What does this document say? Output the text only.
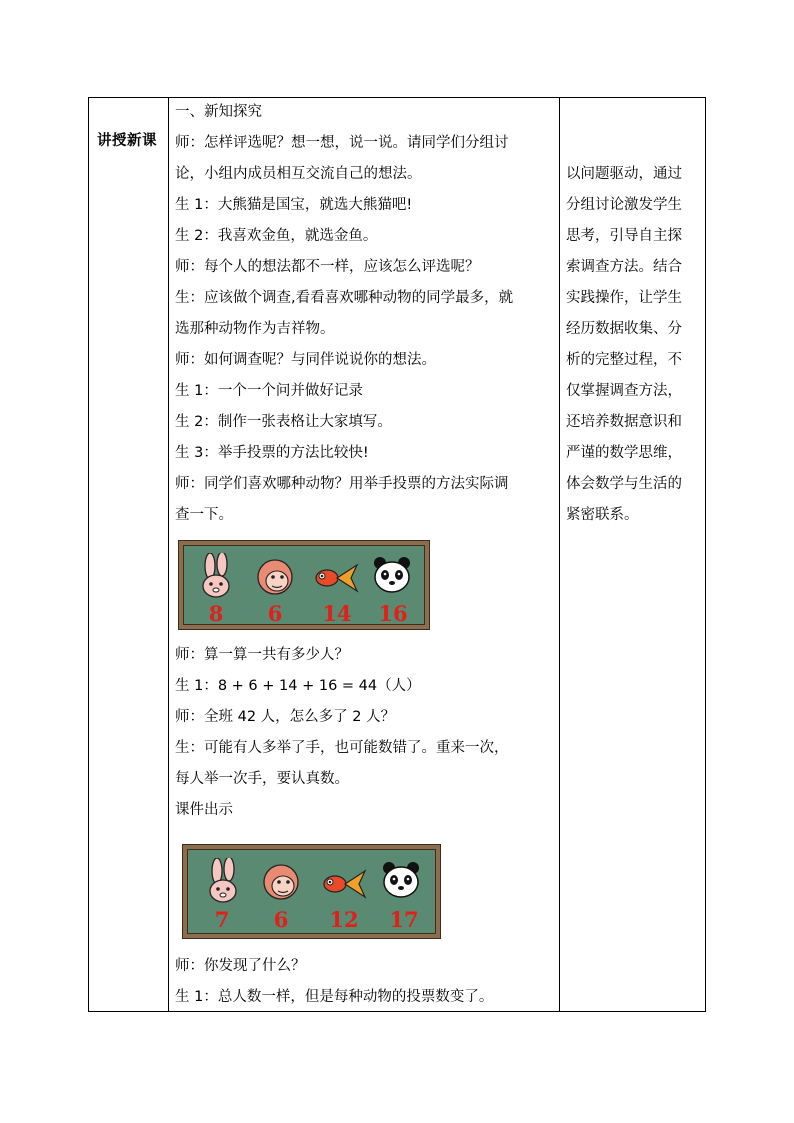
讲授新课
一、新知探究
师：怎样评选呢？想一想，说一说。请同学们分组讨
论，小组内成员相互交流自己的想法。
生 1：大熊猫是国宝，就选大熊猫吧!
生 2：我喜欢金鱼，就选金鱼。
师：每个人的想法都不一样，应该怎么评选呢？
生：应该做个调查,看看喜欢哪种动物的同学最多，就
选那种动物作为吉祥物。
师：如何调查呢？与同伴说说你的想法。
生 1：一个一个问并做好记录
生 2：制作一张表格让大家填写。
生 3：举手投票的方法比较快!
师：同学们喜欢哪种动物？用举手投票的方法实际调
查一下。
8	6	14	16
师：算一算一共有多少人？
生 1：8 + 6 + 14 + 16 = 44（人）
师：全班 42 人，怎么多了 2 人？
生：可能有人多举了手，也可能数错了。重来一次，
每人举一次手，要认真数。
课件出示
7	6	12	17
师：你发现了什么？
生 1：总人数一样，但是每种动物的投票数变了。
以问题驱动，通过
分组讨论激发学生
思考，引导自主探
索调查方法。结合
实践操作，让学生
经历数据收集、分
析的完整过程，不
仅掌握调查方法，
还培养数据意识和
严谨的数学思维，
体会数学与生活的
紧密联系。
